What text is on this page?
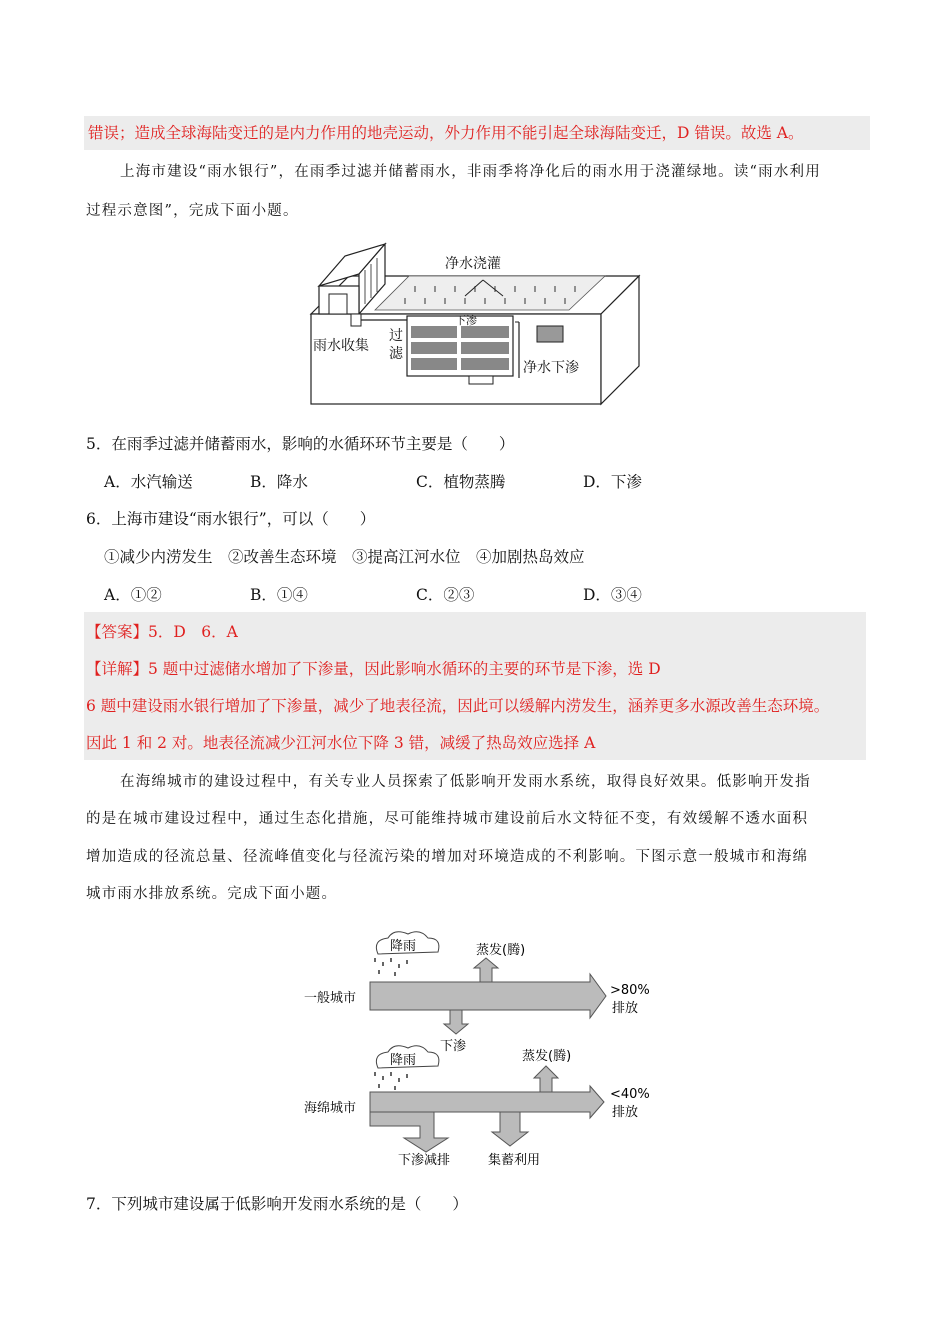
错误；造成全球海陆变迁的是内力作用的地壳运动，外力作用不能引起全球海陆变迁，D 错误。故选 A。
上海市建设“雨水银行”，在雨季过滤并储蓄雨水，非雨季将净化后的雨水用于浇灌绿地。读“雨水利用
过程示意图”，完成下面小题。
净水浇灌
雨水收集
过
滤
下渗
净水下渗
5．在雨季过滤并储蓄雨水，影响的水循环环节主要是（　　）
A．水汽输送	B．降水	C．植物蒸腾	D．下渗
6．上海市建设“雨水银行”，可以（　　）
①减少内涝发生　②改善生态环境　③提高江河水位　④加剧热岛效应
A．①②	B．①④	C．②③	D．③④
【答案】5．D　6．A
【详解】5 题中过滤储水增加了下渗量，因此影响水循环的主要的环节是下渗，选 D
6 题中建设雨水银行增加了下渗量，减少了地表径流，因此可以缓解内涝发生，涵养更多水源改善生态环境。
因此 1 和 2 对。地表径流减少江河水位下降 3 错，减缓了热岛效应选择 A
在海绵城市的建设过程中，有关专业人员探索了低影响开发雨水系统，取得良好效果。低影响开发指
的是在城市建设过程中，通过生态化措施，尽可能维持城市建设前后水文特征不变，有效缓解不透水面积
增加造成的径流总量、径流峰值变化与径流污染的增加对环境造成的不利影响。下图示意一般城市和海绵
城市雨水排放系统。完成下面小题。
降雨	蒸发(腾)
一般城市
>80%
排放
下渗
降雨	蒸发(腾)
海绵城市
<40%
排放
下渗减排	集蓄利用
7．下列城市建设属于低影响开发雨水系统的是（　　）
